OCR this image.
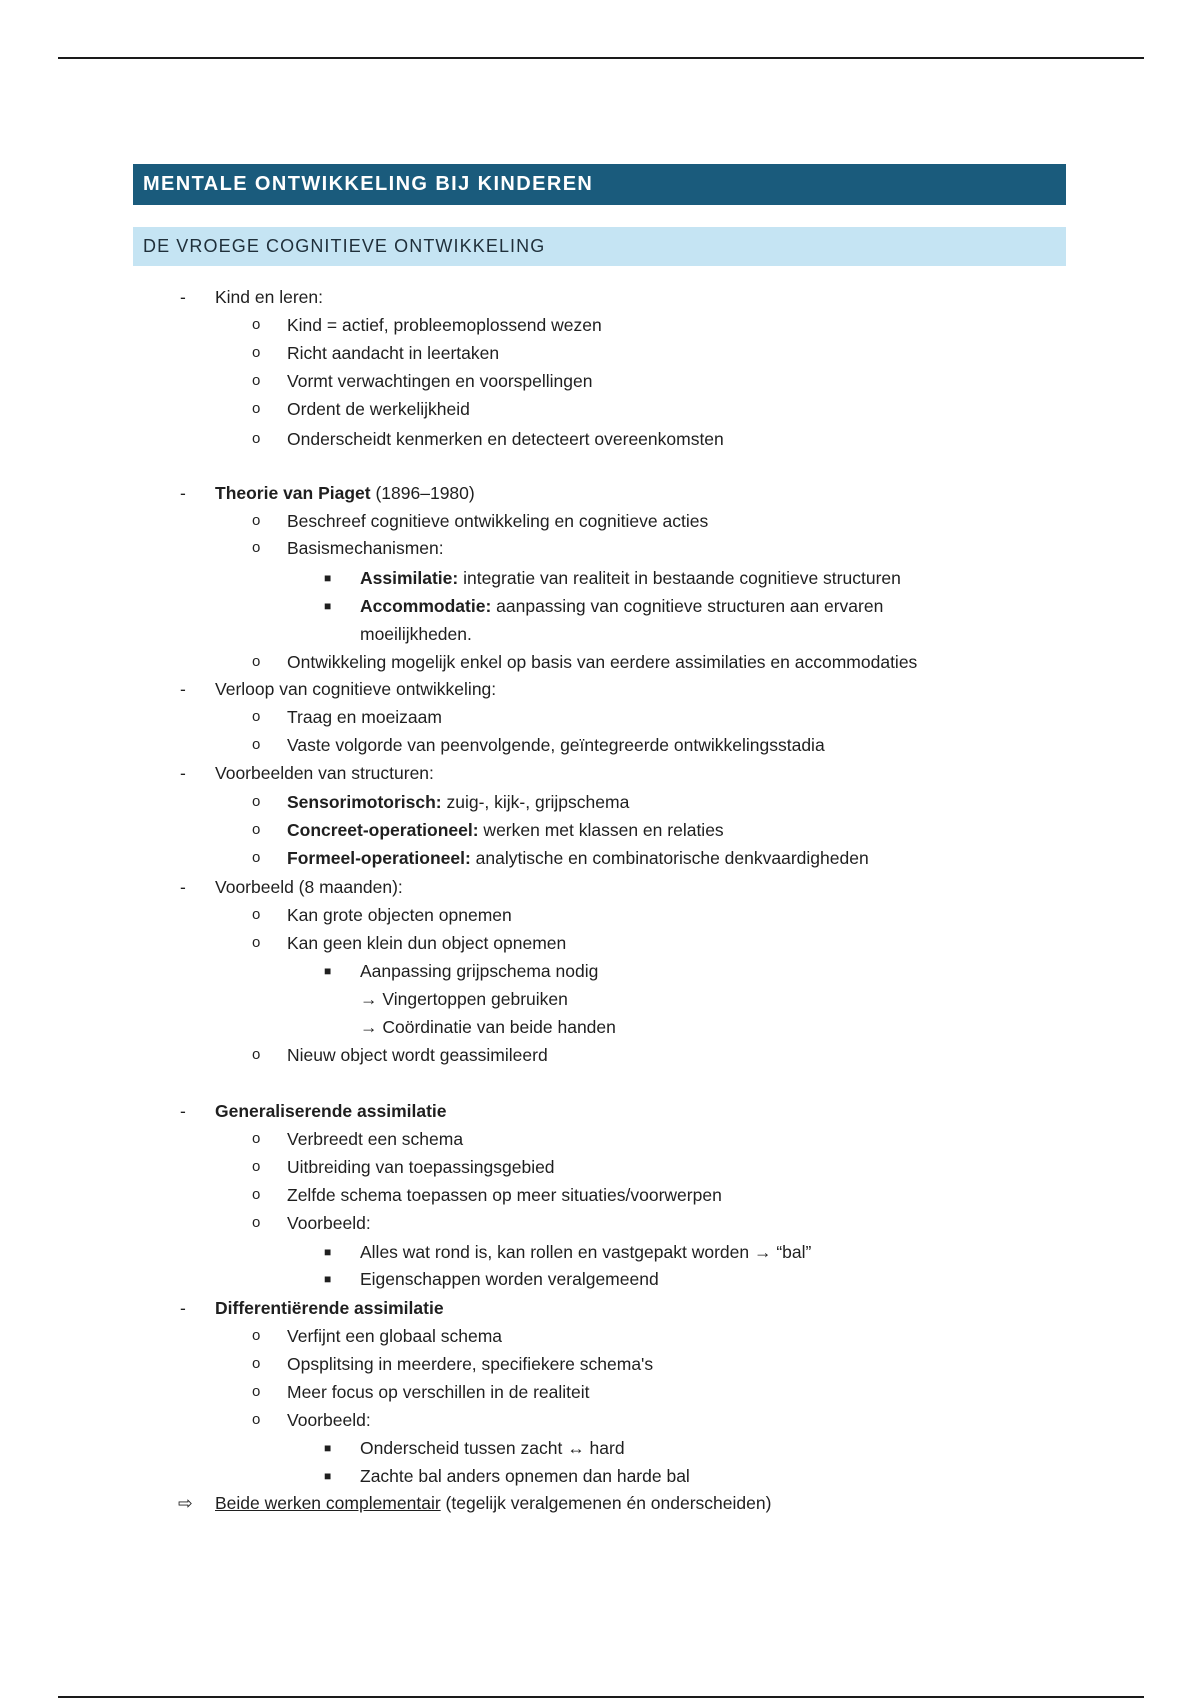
MENTALE ONTWIKKELING BIJ KINDEREN
DE VROEGE COGNITIEVE ONTWIKKELING
- Kind en leren:
o Kind = actief, probleemoplossend wezen
o Richt aandacht in leertaken
o Vormt verwachtingen en voorspellingen
o Ordent de werkelijkheid
o Onderscheidt kenmerken en detecteert overeenkomsten
- Theorie van Piaget (1896–1980)
o Beschreef cognitieve ontwikkeling en cognitieve acties
o Basismechanismen:
■ Assimilatie: integratie van realiteit in bestaande cognitieve structuren
■ Accommodatie: aanpassing van cognitieve structuren aan ervaren
moeilijkheden.
o Ontwikkeling mogelijk enkel op basis van eerdere assimilaties en accommodaties
- Verloop van cognitieve ontwikkeling:
o Traag en moeizaam
o Vaste volgorde van peenvolgende, geïntegreerde ontwikkelingsstadia
- Voorbeelden van structuren:
o Sensorimotorisch: zuig-, kijk-, grijpschema
o Concreet-operationeel: werken met klassen en relaties
o Formeel-operationeel: analytische en combinatorische denkvaardigheden
- Voorbeeld (8 maanden):
o Kan grote objecten opnemen
o Kan geen klein dun object opnemen
■ Aanpassing grijpschema nodig
→ Vingertoppen gebruiken
→ Coördinatie van beide handen
o Nieuw object wordt geassimileerd
- Generaliserende assimilatie
o Verbreedt een schema
o Uitbreiding van toepassingsgebied
o Zelfde schema toepassen op meer situaties/voorwerpen
o Voorbeeld:
■ Alles wat rond is, kan rollen en vastgepakt worden → “bal”
■ Eigenschappen worden veralgemeend
- Differentiërende assimilatie
o Verfijnt een globaal schema
o Opsplitsing in meerdere, specifiekere schema's
o Meer focus op verschillen in de realiteit
o Voorbeeld:
■ Onderscheid tussen zacht ↔ hard
■ Zachte bal anders opnemen dan harde bal
⇨ Beide werken complementair (tegelijk veralgemenen én onderscheiden)
